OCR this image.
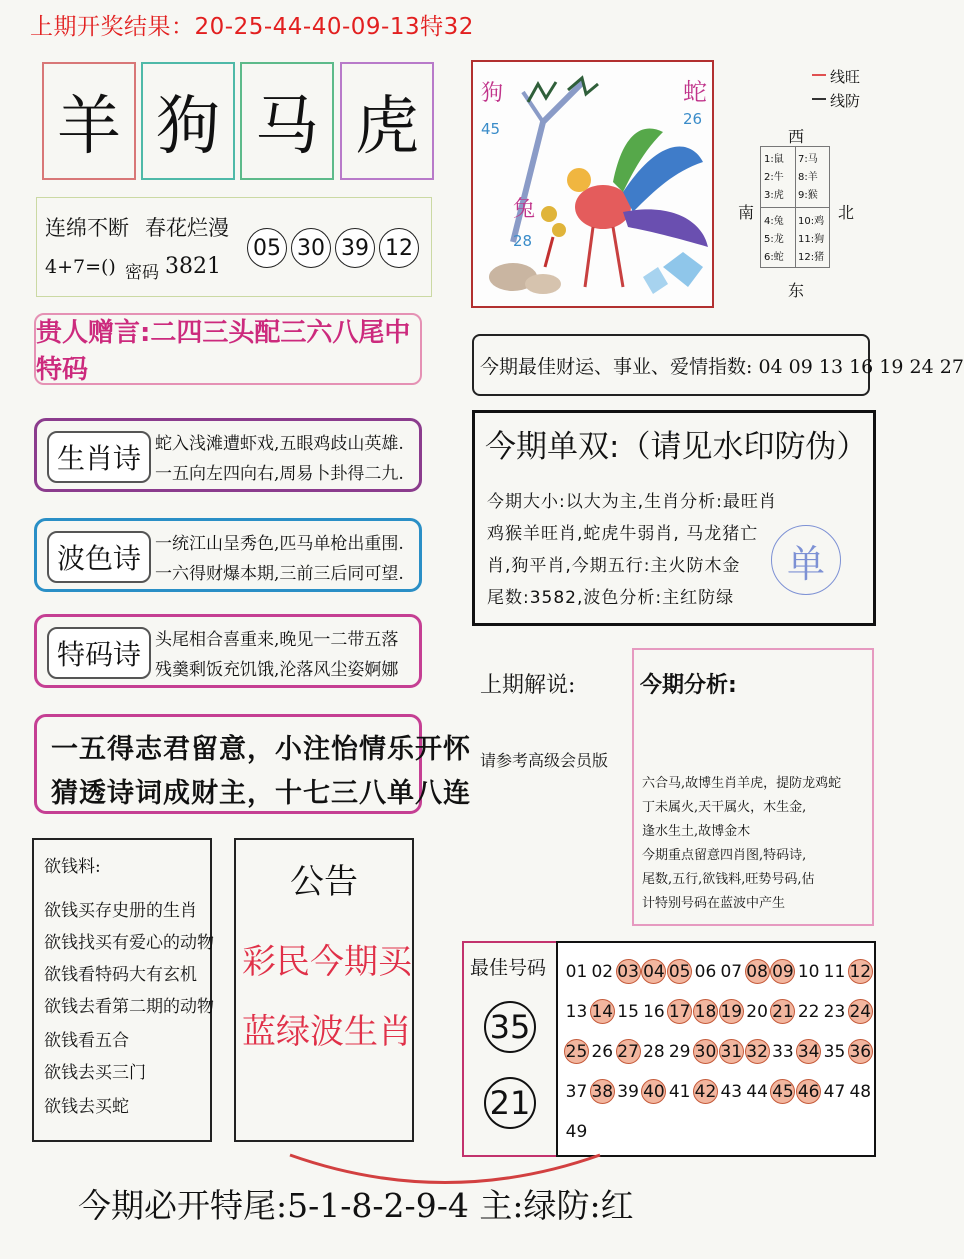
上期开奖结果：20-25-44-40-09-13特32
羊 狗 马 虎
连绵不断 春花烂漫
4+7=() 密码 3821
05 30 39 12
贵人赠言:二四三头配三六八尾中特码
生肖诗 蛇入浅滩遭虾戏,五眼鸡歧山英雄.
一五向左四向右,周易卜卦得二九.
波色诗 一统江山呈秀色,匹马单枪出重围.
一六得财爆本期,三前三后同可望.
特码诗 头尾相合喜重来,晚见一二带五落
残羹剩饭充饥饿,沦落风尘姿婀娜
一五得志君留意，小注怡情乐开怀
猜透诗词成财主，十七三八单八连
欲钱料:
欲钱买存史册的生肖
欲钱找买有爱心的动物
欲钱看特码大有玄机
欲钱去看第二期的动物
欲钱看五合
欲钱去买三门
欲钱去买蛇
公告
彩民今期买
蓝绿波生肖
狗
45
蛇
26
兔
28
线旺
线防
西
南	北
东
1:鼠
2:牛
3:虎
4:兔
5:龙
6:蛇
7:马
8:羊
9:猴
10:鸡
11:狗
12:猪
今期最佳财运、事业、爱情指数: 04 09 13 16 19 24 27
今期单双:（请见水印防伪）
今期大小:以大为主,生肖分析:最旺肖
鸡猴羊旺肖,蛇虎牛弱肖, 马龙猪亡
肖,狗平肖,今期五行:主火防木金
尾数:3582,波色分析:主红防绿
单
上期解说:
请参考高级会员版
今期分析:
六合马,故博生肖羊虎，提防龙鸡蛇
丁未属火,天干属火，木生金,
逢水生土,故博金木
今期重点留意四肖图,特码诗,
尾数,五行,欲钱料,旺势号码,估
计特别号码在蓝波中产生
最佳号码
35
21
01 02 03 04 05 06 07 08 09 10 11 12
13 14 15 16 17 18 19 20 21 22 23 24
25 26 27 28 29 30 31 32 33 34 35 36
37 38 39 40 41 42 43 44 45 46 47 48
49
今期必开特尾:5-1-8-2-9-4 主:绿防:红
